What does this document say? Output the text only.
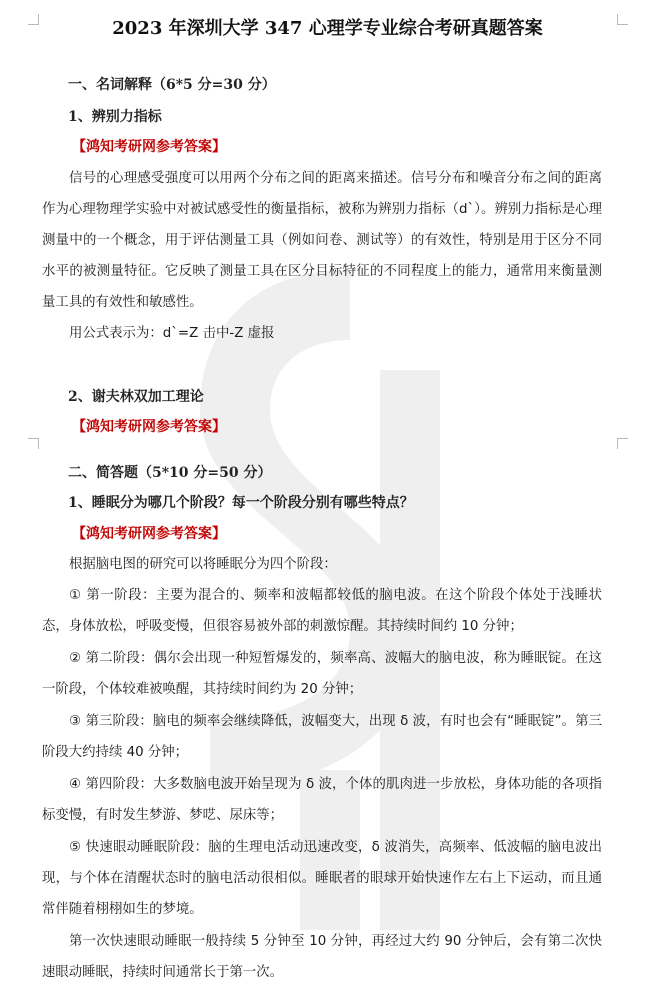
2023 年深圳大学 347 心理学专业综合考研真题答案
一、名词解释（6*5 分=30 分）
1、辨别力指标
【鸿知考研网参考答案】

信号的心理感受强度可以用两个分布之间的距离来描述。信号分布和噪音分布之间的距离作为心理物理学实验中对被试感受性的衡量指标，被称为辨别力指标（d`）。辨别力指标是心理测量中的一个概念，用于评估测量工具（例如问卷、测试等）的有效性，特别是用于区分不同水平的被测量特征。它反映了测量工具在区分目标特征的不同程度上的能力，通常用来衡量测量工具的有效性和敏感性。

用公式表示为：d`=Z 击中-Z 虚报

2、谢夫林双加工理论
【鸿知考研网参考答案】
二、简答题（5*10 分=50 分）
1、睡眠分为哪几个阶段？每一个阶段分别有哪些特点？
【鸿知考研网参考答案】

根据脑电图的研究可以将睡眠分为四个阶段：

① 第一阶段：主要为混合的、频率和波幅都较低的脑电波。在这个阶段个体处于浅睡状态，身体放松，呼吸变慢，但很容易被外部的刺激惊醒。其持续时间约 10 分钟；

② 第二阶段：偶尔会出现一种短暂爆发的，频率高、波幅大的脑电波，称为睡眠锭。在这一阶段，个体较难被唤醒，其持续时间约为 20 分钟；

③ 第三阶段：脑电的频率会继续降低，波幅变大，出现 δ 波，有时也会有“睡眠锭”。第三阶段大约持续 40 分钟；

④ 第四阶段：大多数脑电波开始呈现为 δ 波，个体的肌肉进一步放松，身体功能的各项指标变慢，有时发生梦游、梦呓、尿床等；

⑤ 快速眼动睡眠阶段：脑的生理电活动迅速改变，δ 波消失，高频率、低波幅的脑电波出现，与个体在清醒状态时的脑电活动很相似。睡眠者的眼球开始快速作左右上下运动，而且通常伴随着栩栩如生的梦境。

第一次快速眼动睡眠一般持续 5 分钟至 10 分钟，再经过大约 90 分钟后，会有第二次快速眼动睡眠，持续时间通常长于第一次。
